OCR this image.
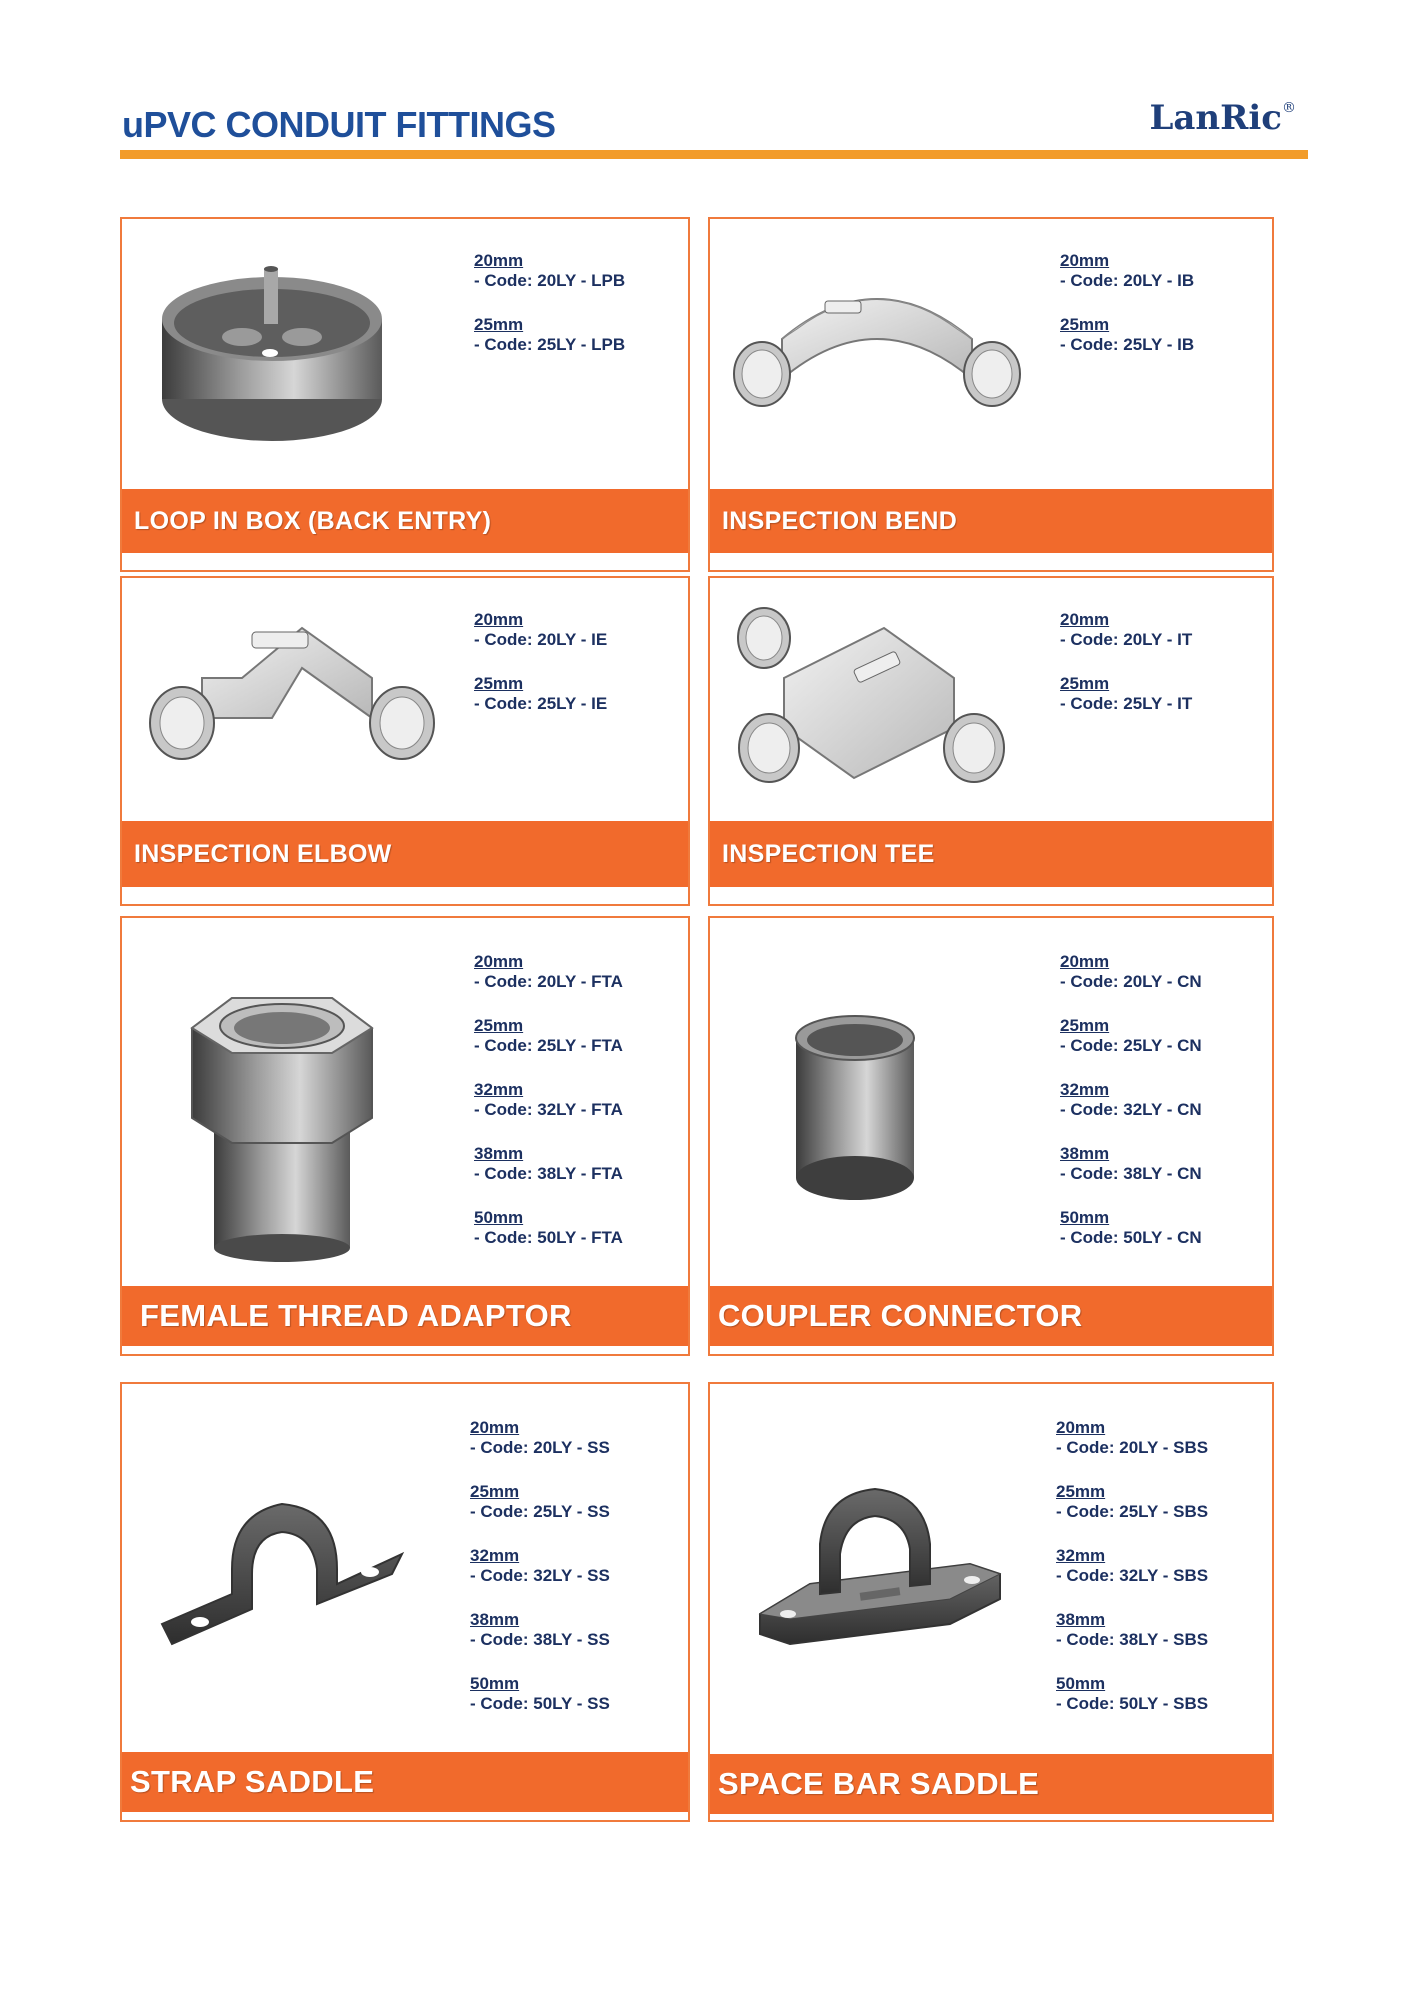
uPVC CONDUIT FITTINGS	LanRic®
20mm
- Code: 20LY - LPB
25mm
- Code: 25LY - LPB
LOOP IN BOX (BACK ENTRY)
20mm
- Code: 20LY - IB
25mm
- Code: 25LY - IB
INSPECTION BEND
20mm
- Code: 20LY - IE
25mm
- Code: 25LY - IE
INSPECTION ELBOW
20mm
- Code: 20LY - IT
25mm
- Code: 25LY - IT
INSPECTION TEE
20mm
- Code: 20LY - FTA
25mm
- Code: 25LY - FTA
32mm
- Code: 32LY - FTA
38mm
- Code: 38LY - FTA
50mm
- Code: 50LY - FTA
FEMALE THREAD ADAPTOR
20mm
- Code: 20LY - CN
25mm
- Code: 25LY - CN
32mm
- Code: 32LY - CN
38mm
- Code: 38LY - CN
50mm
- Code: 50LY - CN
COUPLER CONNECTOR
20mm
- Code: 20LY - SS
25mm
- Code: 25LY - SS
32mm
- Code: 32LY - SS
38mm
- Code: 38LY - SS
50mm
- Code: 50LY - SS
STRAP SADDLE
20mm
- Code: 20LY - SBS
25mm
- Code: 25LY - SBS
32mm
- Code: 32LY - SBS
38mm
- Code: 38LY - SBS
50mm
- Code: 50LY - SBS
SPACE BAR SADDLE
